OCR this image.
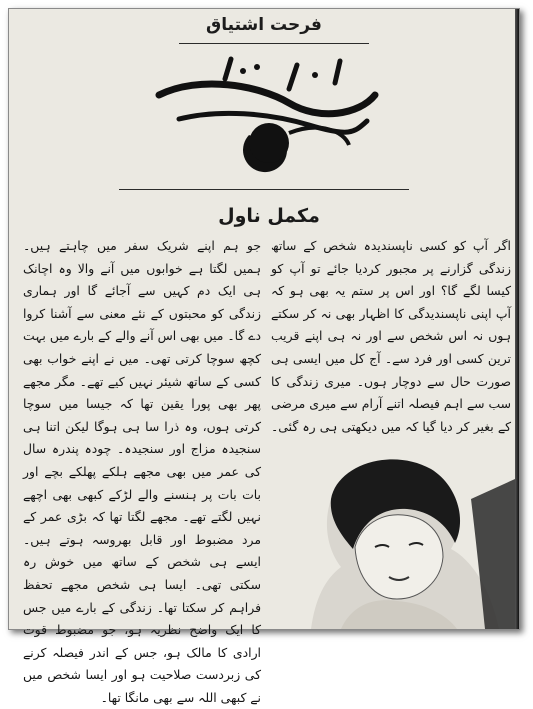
فرحت اشتیاق
مکمل ناول
اگر آپ کو کسی ناپسندیدہ شخص کے ساتھ زندگی گزارنے پر مجبور کردیا جائے تو آپ کو کیسا لگے گا؟ اور اس پر ستم یہ بھی ہو کہ آپ اپنی ناپسندیدگی کا اظہار بھی نہ کر سکتے ہوں نہ اس شخص سے اور نہ ہی اپنے قریب ترین کسی اور فرد سے۔ آج کل میں ایسی ہی صورت حال سے دوچار ہوں۔ میری زندگی کا سب سے اہم فیصلہ اتنے آرام سے میری مرضی کے بغیر کر دیا گیا کہ میں دیکھتی ہی رہ گئی۔
جو ہم اپنے شریک سفر میں چاہتے ہیں۔ ہمیں لگتا ہے خوابوں میں آنے والا وہ اچانک ہی ایک دم کہیں سے آجائے گا اور ہماری زندگی کو محبتوں کے نئے معنی سے آشنا کروا دے گا۔ میں بھی اس آنے والے کے بارے میں بہت کچھ سوچا کرتی تھی۔ میں نے اپنے خواب بھی کسی کے ساتھ شیئر نہیں کیے تھے۔ مگر مجھے پھر بھی پورا یقین تھا کہ جیسا میں سوچا کرتی ہوں، وہ ذرا سا ہی ہوگا لیکن اتنا ہی سنجیدہ مزاج اور سنجیدہ۔ چودہ پندرہ سال کی عمر میں بھی مجھے ہلکے پھلکے بچے اور بات بات پر ہنسنے والے لڑکے کبھی بھی اچھے نہیں لگتے تھے۔ مجھے لگتا تھا کہ بڑی عمر کے مرد مضبوط اور قابل بھروسہ ہوتے ہیں۔ ایسے ہی شخص کے ساتھ میں خوش رہ سکتی تھی۔ ایسا ہی شخص مجھے تحفظ فراہم کر سکتا تھا۔ زندگی کے بارے میں جس کا ایک واضح نظریہ ہو، جو مضبوط قوت ارادی کا مالک ہو، جس کے اندر فیصلہ کرنے کی زبردست صلاحیت ہو اور ایسا شخص میں نے کبھی اللہ سے بھی مانگا تھا۔
